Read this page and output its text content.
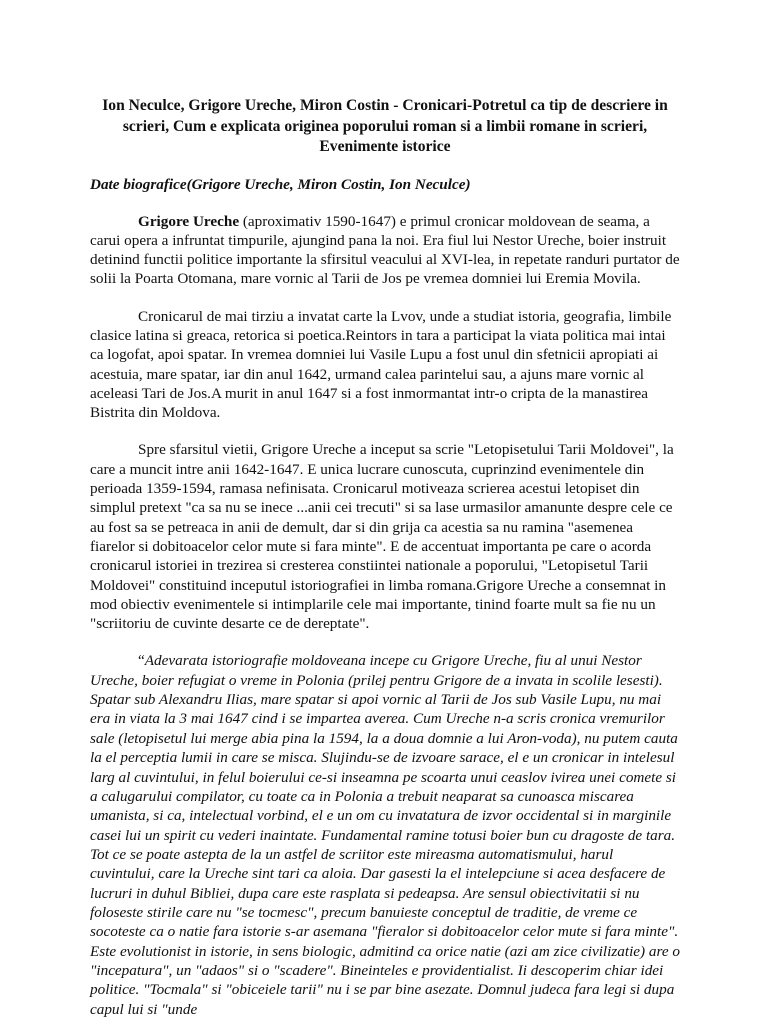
Ion Neculce, Grigore Ureche, Miron Costin - Cronicari-Potretul ca tip de descriere in scrieri, Cum e explicata originea poporului roman si a limbii romane in scrieri, Evenimente istorice
Date biografice(Grigore Ureche, Miron Costin, Ion Neculce)

Grigore Ureche (aproximativ 1590-1647) e primul cronicar moldovean de seama, a carui opera a infruntat timpurile, ajungind pana la noi. Era fiul lui Nestor Ureche, boier instruit detinind functii politice importante la sfirsitul veacului al XVI-lea, in repetate randuri purtator de solii la Poarta Otomana, mare vornic al Tarii de Jos pe vremea domniei lui Eremia Movila.

Cronicarul de mai tirziu a invatat carte la Lvov, unde a studiat istoria, geografia, limbile clasice latina si greaca, retorica si poetica.Reintors in tara a participat la viata politica mai intai ca logofat, apoi spatar. In vremea domniei lui Vasile Lupu a fost unul din sfetnicii apropiati ai acestuia, mare spatar, iar din anul 1642, urmand calea parintelui sau, a ajuns mare vornic al aceleasi Tari de Jos.A murit in anul 1647 si a fost inmormantat intr-o cripta de la manastirea Bistrita din Moldova.

Spre sfarsitul vietii, Grigore Ureche a inceput sa scrie "Letopisetului Tarii Moldovei", la care a muncit intre anii 1642-1647. E unica lucrare cunoscuta, cuprinzind evenimentele din perioada 1359-1594, ramasa nefinisata. Cronicarul motiveaza scrierea acestui letopiset din simplul pretext "ca sa nu se inece ...anii cei trecuti" si sa lase urmasilor amanunte despre cele ce au fost sa se petreaca in anii de demult, dar si din grija ca acestia sa nu ramina "asemenea fiarelor si dobitoacelor celor mute si fara minte". E de accentuat importanta pe care o acorda cronicarul istoriei in trezirea si cresterea constiintei nationale a poporului, "Letopisetul Tarii Moldovei" constituind inceputul istoriografiei in limba romana.Grigore Ureche a consemnat in mod obiectiv evenimentele si intimplarile cele mai importante, tinind foarte mult sa fie nu un "scriitoriu de cuvinte desarte ce de dereptate".

“Adevarata istoriografie moldoveana incepe cu Grigore Ureche, fiu al unui Nestor Ureche, boier refugiat o vreme in Polonia (prilej pentru Grigore de a invata in scolile lesesti). Spatar sub Alexandru Ilias, mare spatar si apoi vornic al Tarii de Jos sub Vasile Lupu, nu mai era in viata la 3 mai 1647 cind i se impartea averea. Cum Ureche n-a scris cronica vremurilor sale (letopisetul lui merge abia pina la 1594, la a doua domnie a lui Aron-voda), nu putem cauta la el perceptia lumii in care se misca. Slujindu-se de izvoare sarace, el e un cronicar in intelesul larg al cuvintului, in felul boierului ce-si inseamna pe scoarta unui ceaslov ivirea unei comete si a calugarului compilator, cu toate ca in Polonia a trebuit neaparat sa cunoasca miscarea umanista, si ca, intelectual vorbind, el e un om cu invatatura de izvor occidental si in marginile casei lui un spirit cu vederi inaintate. Fundamental ramine totusi boier bun cu dragoste de tara. Tot ce se poate astepta de la un astfel de scriitor este mireasma automatismului, harul cuvintului, care la Ureche sint tari ca aloia. Dar gasesti la el intelepciune si acea desfacere de lucruri in duhul Bibliei, dupa care este rasplata si pedeapsa. Are sensul obiectivitatii si nu foloseste stirile care nu "se tocmesc", precum banuieste conceptul de traditie, de vreme ce socoteste ca o natie fara istorie s-ar asemana "fieralor si dobitoacelor celor mute si fara minte". Este evolutionist in istorie, in sens biologic, admitind ca orice natie (azi am zice civilizatie) are o "incepatura", un "adaos" si o "scadere". Bineinteles e providentialist. Ii descoperim chiar idei politice. "Tocmala" si "obiceiele tarii" nu i se par bine asezate. Domnul judeca fara legi si dupa capul lui si "unde
